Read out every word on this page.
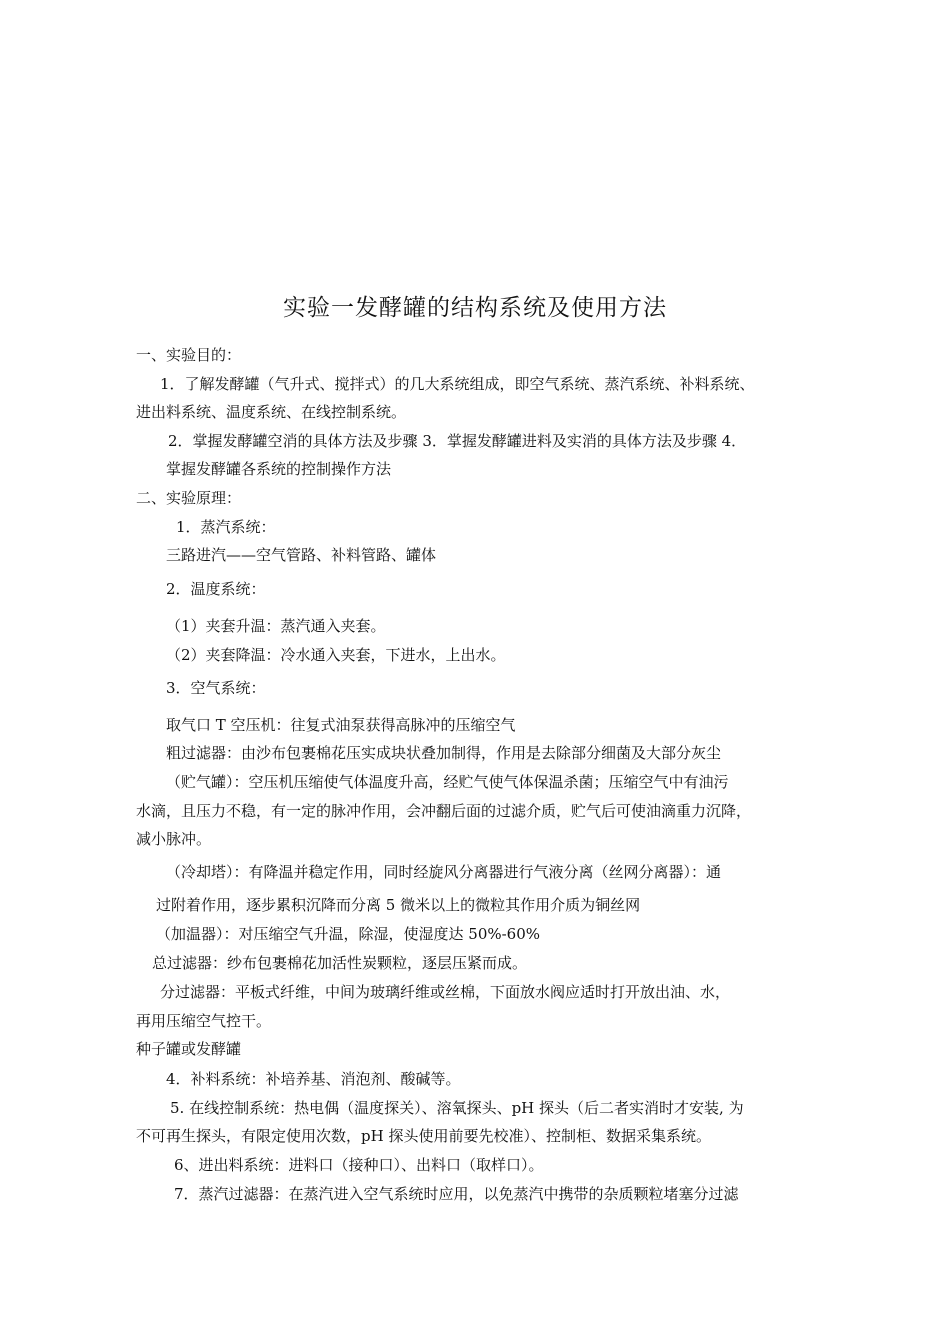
实验一发酵罐的结构系统及使用方法
一、实验目的：
1．了解发酵罐（气升式、搅拌式）的几大系统组成，即空气系统、蒸汽系统、补料系统、
进出料系统、温度系统、在线控制系统。
2．掌握发酵罐空消的具体方法及步骤 3．掌握发酵罐进料及实消的具体方法及步骤 4．
掌握发酵罐各系统的控制操作方法
二、实验原理：
1．蒸汽系统：
三路进汽——空气管路、补料管路、罐体
2．温度系统：
（1）夹套升温：蒸汽通入夹套。
（2）夹套降温：冷水通入夹套，下进水，上出水。
3．空气系统：
取气口 T 空压机：往复式油泵获得高脉冲的压缩空气
粗过滤器：由沙布包裹棉花压实成块状叠加制得，作用是去除部分细菌及大部分灰尘
（贮气罐）：空压机压缩使气体温度升高，经贮气使气体保温杀菌；压缩空气中有油污
水滴，且压力不稳，有一定的脉冲作用，会冲翻后面的过滤介质，贮气后可使油滴重力沉降，
减小脉冲。
（冷却塔）：有降温并稳定作用，同时经旋风分离器进行气液分离（丝网分离器）：通
过附着作用，逐步累积沉降而分离 5 微米以上的微粒其作用介质为铜丝网
（加温器）：对压缩空气升温，除湿，使湿度达 50%-60%
总过滤器：纱布包裹棉花加活性炭颗粒，逐层压紧而成。
分过滤器：平板式纤维，中间为玻璃纤维或丝棉，下面放水阀应适时打开放出油、水，
再用压缩空气控干。
种子罐或发酵罐
4．补料系统：补培养基、消泡剂、酸碱等。
5. 在线控制系统：热电偶（温度探关）、溶氧探头、pH 探头（后二者实消时才安装, 为
不可再生探头，有限定使用次数，pH 探头使用前要先校准）、控制柜、数据采集系统。
6、进出料系统：进料口（接种口）、出料口（取样口）。
7．蒸汽过滤器：在蒸汽进入空气系统时应用，以免蒸汽中携带的杂质颗粒堵塞分过滤
